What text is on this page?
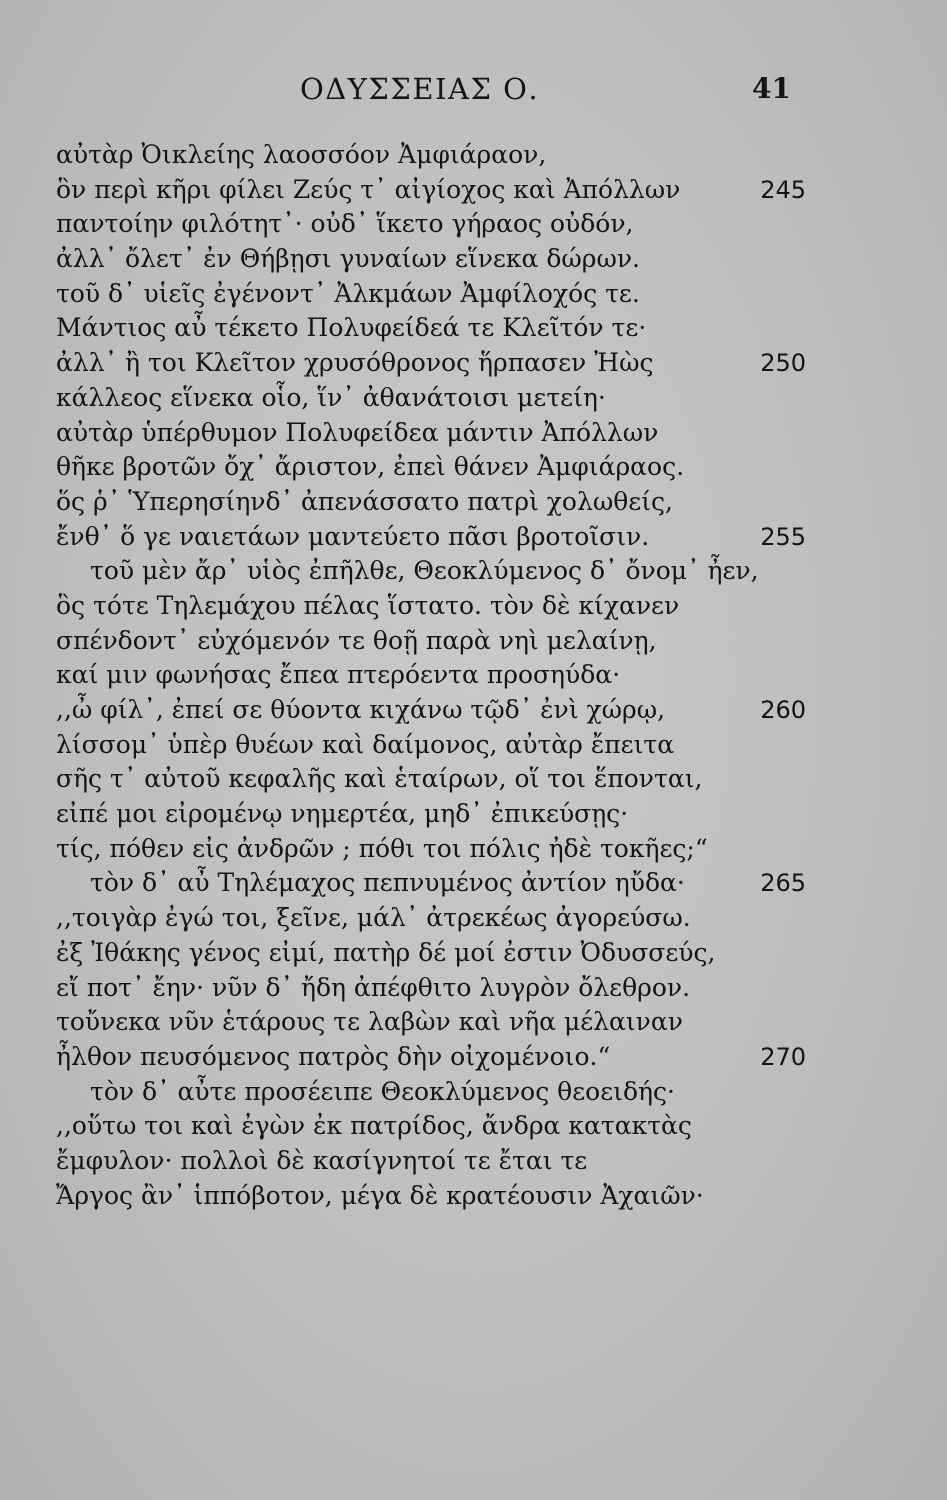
ΟΔΥΣΣΕΙΑΣ Ο.	41
αὐτὰρ Ὀικλείης λαοσσόον Ἀμφιάραον,
ὃν περὶ κῆρι φίλει Ζεύς τ᾿ αἰγίοχος καὶ Ἀπόλλων	245
παντοίην φιλότητ᾿· οὐδ᾿ ἵκετο γήραος οὐδόν,
ἀλλ᾿ ὄλετ᾿ ἐν Θήβῃσι γυναίων εἵνεκα δώρων.
τοῦ δ᾿ υἱεῖς ἐγένοντ᾿ Ἀλκμάων Ἀμφίλοχός τε.
Μάντιος αὖ τέκετο Πολυφείδεά τε Κλεῖτόν τε·
ἀλλ᾿ ἢ τοι Κλεῖτον χρυσόθρονος ἥρπασεν Ἠὼς	250
κάλλεος εἵνεκα οἷο, ἵν᾿ ἀθανάτοισι μετείη·
αὐτὰρ ὑπέρθυμον Πολυφείδεα μάντιν Ἀπόλλων
θῆκε βροτῶν ὄχ᾿ ἄριστον, ἐπεὶ θάνεν Ἀμφιάραος.
ὅς ῥ᾿ Ὑπερησίηνδ᾿ ἀπενάσσατο πατρὶ χολωθείς,
ἔνθ᾿ ὅ γε ναιετάων μαντεύετο πᾶσι βροτοῖσιν.	255
τοῦ μὲν ἄρ᾿ υἱὸς ἐπῆλθε, Θεοκλύμενος δ᾿ ὄνομ᾿ ἦεν,
ὃς τότε Τηλεμάχου πέλας ἵστατο. τὸν δὲ κίχανεν
σπένδοντ᾿ εὐχόμενόν τε θοῇ παρὰ νηὶ μελαίνῃ,
καί μιν φωνήσας ἔπεα πτερόεντα προσηύδα·
,,ὦ φίλ᾿, ἐπεί σε θύοντα κιχάνω τῷδ᾿ ἐνὶ χώρῳ,	260
λίσσομ᾿ ὑπὲρ θυέων καὶ δαίμονος, αὐτὰρ ἔπειτα
σῆς τ᾿ αὐτοῦ κεφαλῆς καὶ ἑταίρων, οἵ τοι ἕπονται,
εἰπέ μοι εἰρομένῳ νημερτέα, μηδ᾿ ἐπικεύσῃς·
τίς, πόθεν εἰς ἀνδρῶν ; πόθι τοι πόλις ἠδὲ τοκῆες;“
τὸν δ᾿ αὖ Τηλέμαχος πεπνυμένος ἀντίον ηὔδα·	265
,,τοιγὰρ ἐγώ τοι, ξεῖνε, μάλ᾿ ἀτρεκέως ἀγορεύσω.
ἐξ Ἰθάκης γένος εἰμί, πατὴρ δέ μοί ἐστιν Ὀδυσσεύς,
εἴ ποτ᾿ ἔην· νῦν δ᾿ ἤδη ἀπέφθιτο λυγρὸν ὄλεθρον.
τοὔνεκα νῦν ἑτάρους τε λαβὼν καὶ νῆα μέλαιναν
ἦλθον πευσόμενος πατρὸς δὴν οἰχομένοιο.“	270
τὸν δ᾿ αὖτε προσέειπε Θεοκλύμενος θεοειδής·
,,οὕτω τοι καὶ ἐγὼν ἐκ πατρίδος, ἄνδρα κατακτὰς
ἔμφυλον· πολλοὶ δὲ κασίγνητοί τε ἔται τε
Ἄργος ἂν᾿ ἱππόβοτον, μέγα δὲ κρατέουσιν Ἀχαιῶν·
